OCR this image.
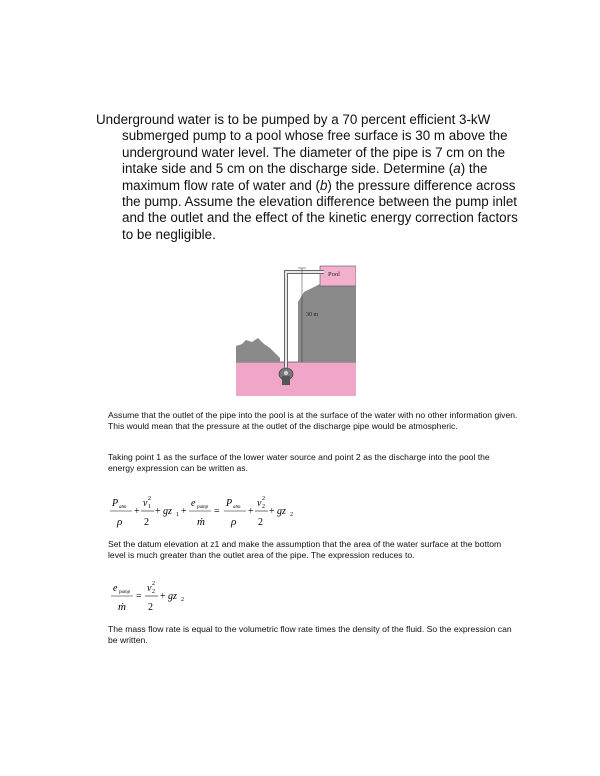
Underground water is to be pumped by a 70 percent efficient 3-kW
submerged pump to a pool whose free surface is 30 m above the
underground water level. The diameter of the pipe is 7 cm on the
intake side and 5 cm on the discharge side. Determine (a) the
maximum flow rate of water and (b) the pressure difference across
the pump. Assume the elevation difference between the pump inlet
and the outlet and the effect of the kinetic energy correction factors
to be negligible.
Pool
30 m
Assume that the outlet of the pipe into the pool is at the surface of the water with no other information given. This would mean that the pressure at the outlet of the discharge pipe would be atmospheric.
Taking point 1 as the surface of the lower water source and point 2 as the discharge into the pool the energy expression can be written as.
P atm
ρ
+
v 2
1
2
+ gz 1 +
e pump
ṁ
=
P atm
ρ
+
v 2
2
2
+ gz 2
Set the datum elevation at z1 and make the assumption that the area of the water surface at the bottom level is much greater than the outlet area of the pipe. The expression reduces to.
e pump
ṁ
=
v 2
2
2
+ gz 2
The mass flow rate is equal to the volumetric flow rate times the density of the fluid. So the expression can be written.
